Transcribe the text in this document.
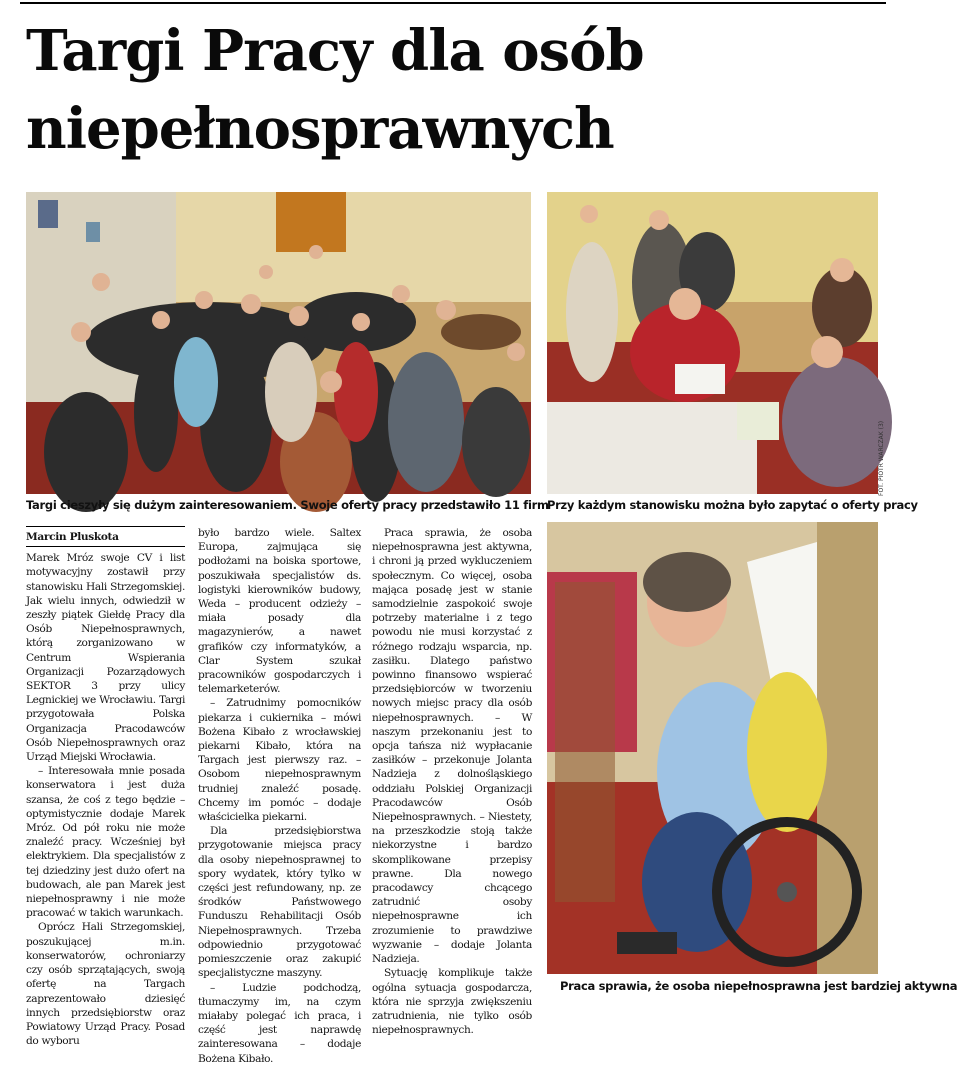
Targi Pracy dla osób niepełnosprawnych
Targi cieszyły się dużym zainteresowaniem. Swoje oferty pracy przedstawiło 11 firm
Przy każdym stanowisku można było zapytać o oferty pracy
FOT. PIOTR WARCZAK (3)
Praca sprawia, że osoba niepełnosprawna jest bardziej aktywna
Marcin Pluskota

Marek Mróz swoje CV i list motywacyjny zostawił przy stanowisku Hali Strzegomskiej. Jak wielu innych, odwiedził w zeszły piątek Giełdę Pracy dla Osób Niepełnosprawnych, którą zorganizowano w Centrum Wspierania Organizacji Pozarządowych SEKTOR 3 przy ulicy Legnickiej we Wrocławiu. Targi przygotowała Polska Organizacja Pracodawców Osób Niepełnosprawnych oraz Urząd Miejski Wrocławia.

– Interesowała mnie posada konserwatora i jest duża szansa, że coś z tego będzie – optymistycznie dodaje Marek Mróz. Od pół roku nie może znaleźć pracy. Wcześniej był elektrykiem. Dla specjalistów z tej dziedziny jest dużo ofert na budowach, ale pan Marek jest niepełnosprawny i nie może pracować w takich warunkach.

Oprócz Hali Strzegomskiej, poszukującej m.in. konserwatorów, ochroniarzy czy osób sprzątających, swoją ofertę na Targach zaprezentowało dziesięć innych przedsiębiorstw oraz Powiatowy Urząd Pracy. Posad do wyboru

było bardzo wiele. Saltex Europa, zajmująca się podłożami na boiska sportowe, poszukiwała specjalistów ds. logistyki kierowników budowy, Weda – producent odzieży – miała posady dla magazynierów, a nawet grafików czy informatyków, a Clar System szukał pracowników gospodarczych i telemarketerów.

– Zatrudnimy pomocników piekarza i cukiernika – mówi Bożena Kibało z wrocławskiej piekarni Kibało, która na Targach jest pierwszy raz. – Osobom niepełnosprawnym trudniej znaleźć posadę. Chcemy im pomóc – dodaje właścicielka piekarni.

Dla przedsiębiorstwa przygotowanie miejsca pracy dla osoby niepełnosprawnej to spory wydatek, który tylko w części jest refundowany, np. ze środków Państwowego Funduszu Rehabilitacji Osób Niepełnosprawnych. Trzeba odpowiednio przygotować pomieszczenie oraz zakupić specjalistyczne maszyny.

– Ludzie podchodzą, tłumaczymy im, na czym miałaby polegać ich praca, i część jest naprawdę zainteresowana – dodaje Bożena Kibało.

Praca sprawia, że osoba niepełnosprawna jest aktywna, i chroni ją przed wykluczeniem społecznym. Co więcej, osoba mająca posadę jest w stanie samodzielnie zaspokoić swoje potrzeby materialne i z tego powodu nie musi korzystać z różnego rodzaju wsparcia, np. zasiłku. Dlatego państwo powinno finansowo wspierać przedsiębiorców w tworzeniu nowych miejsc pracy dla osób niepełnosprawnych. – W naszym przekonaniu jest to opcja tańsza niż wypłacanie zasiłków – przekonuje Jolanta Nadzieja z dolnośląskiego oddziału Polskiej Organizacji Pracodawców Osób Niepełnosprawnych. – Niestety, na przeszkodzie stoją także niekorzystne i bardzo skomplikowane przepisy prawne. Dla nowego pracodawcy chcącego zatrudnić osoby niepełnosprawne ich zrozumienie to prawdziwe wyzwanie – dodaje Jolanta Nadzieja.

Sytuację komplikuje także ogólna sytuacja gospodarcza, która nie sprzyja zwiększeniu zatrudnienia, nie tylko osób niepełnosprawnych.
